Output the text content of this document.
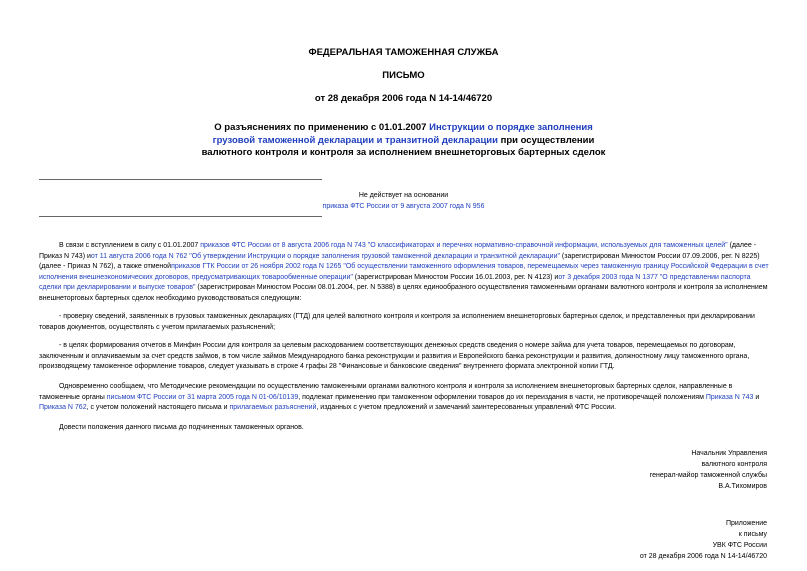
ФЕДЕРАЛЬНАЯ ТАМОЖЕННАЯ СЛУЖБА
ПИСЬМО
от 28 декабря 2006 года N 14-14/46720
О разъяснениях по применению с 01.01.2007 Инструкции о порядке заполнения грузовой таможенной декларации и транзитной декларации при осуществлении валютного контроля и контроля за исполнением внешнеторговых бартерных сделок
Не действует на основании
приказа ФТС России от 9 августа 2007 года N 956

В связи с вступлением в силу с 01.01.2007 приказов ФТС России от 8 августа 2006 года N 743 "О классификаторах и перечнях нормативно-справочной информации, используемых для таможенных целей" (далее - Приказ N 743) иот 11 августа 2006 года N 762 "Об утверждении Инструкции о порядке заполнения грузовой таможенной декларации и транзитной декларации" (зарегистрирован Минюстом России 07.09.2006, рег. N 8225) (далее - Приказ N 762), а также отменойприказов ГТК России от 26 ноября 2002 года N 1265 "Об осуществлении таможенного оформления товаров, перемещаемых через таможенную границу Российской Федерации в счет исполнения внешнеэкономических договоров, предусматривающих товарообменные операции" (зарегистрирован Минюстом России 16.01.2003, рег. N 4123) иот 3 декабря 2003 года N 1377 "О представлении паспорта сделки при декларировании и выпуске товаров" (зарегистрирован Минюстом России 08.01.2004, рег. N 5388) в целях единообразного осуществления таможенными органами валютного контроля и контроля за исполнением внешнеторговых бартерных сделок необходимо руководствоваться следующим:

- проверку сведений, заявленных в грузовых таможенных декларациях (ГТД) для целей валютного контроля и контроля за исполнением внешнеторговых бартерных сделок, и представленных при декларировании товаров документов, осуществлять с учетом прилагаемых разъяснений;

- в целях формирования отчетов в Минфин России для контроля за целевым расходованием соответствующих денежных средств сведения о номере займа для учета товаров, перемещаемых по договорам, заключенным и оплачиваемым за счет средств займов, в том числе займов Международного банка реконструкции и развития и Европейского банка реконструкции и развития, должностному лицу таможенного органа, производящему таможенное оформление товаров, следует указывать в строке 4 графы 28 "Финансовые и банковские сведения" внутреннего формата электронной копии ГТД.

Одновременно сообщаем, что Методические рекомендации по осуществлению таможенными органами валютного контроля и контроля за исполнением внешнеторговых бартерных сделок, направленные в таможенные органы письмом ФТС России от 31 марта 2005 года N 01-06/10139, подлежат применению при таможенном оформлении товаров до их переиздания в части, не противоречащей положениям Приказа N 743 и Приказа N 762, с учетом положений настоящего письма и прилагаемых разъяснений, изданных с учетом предложений и замечаний заинтересованных управлений ФТС России.

Довести положения данного письма до подчиненных таможенных органов.

Начальник Управления
валютного контроля
генерал-майор таможенной службы
В.А.Тихомиров
Приложение
к письму
УВК ФТС России
от 28 декабря 2006 года N 14-14/46720
